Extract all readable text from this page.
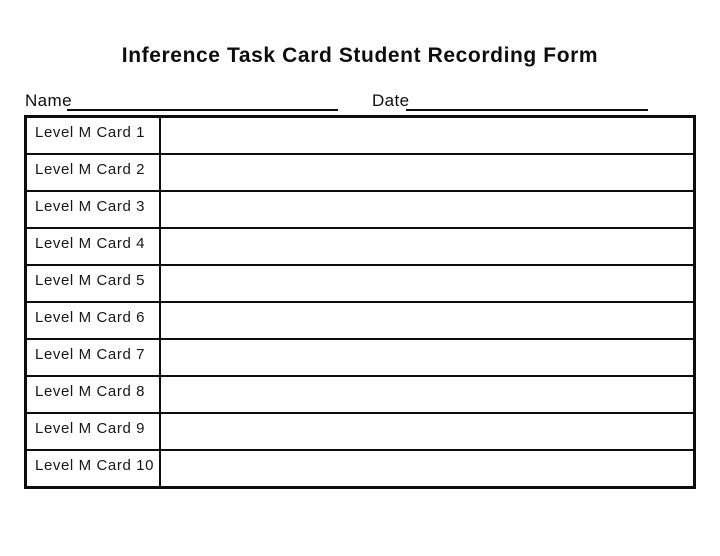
Inference Task Card Student Recording Form
Name	Date
Level M Card 1	
Level M Card 2	
Level M Card 3	
Level M Card 4	
Level M Card 5	
Level M Card 6	
Level M Card 7	
Level M Card 8	
Level M Card 9	
Level M Card 10	
